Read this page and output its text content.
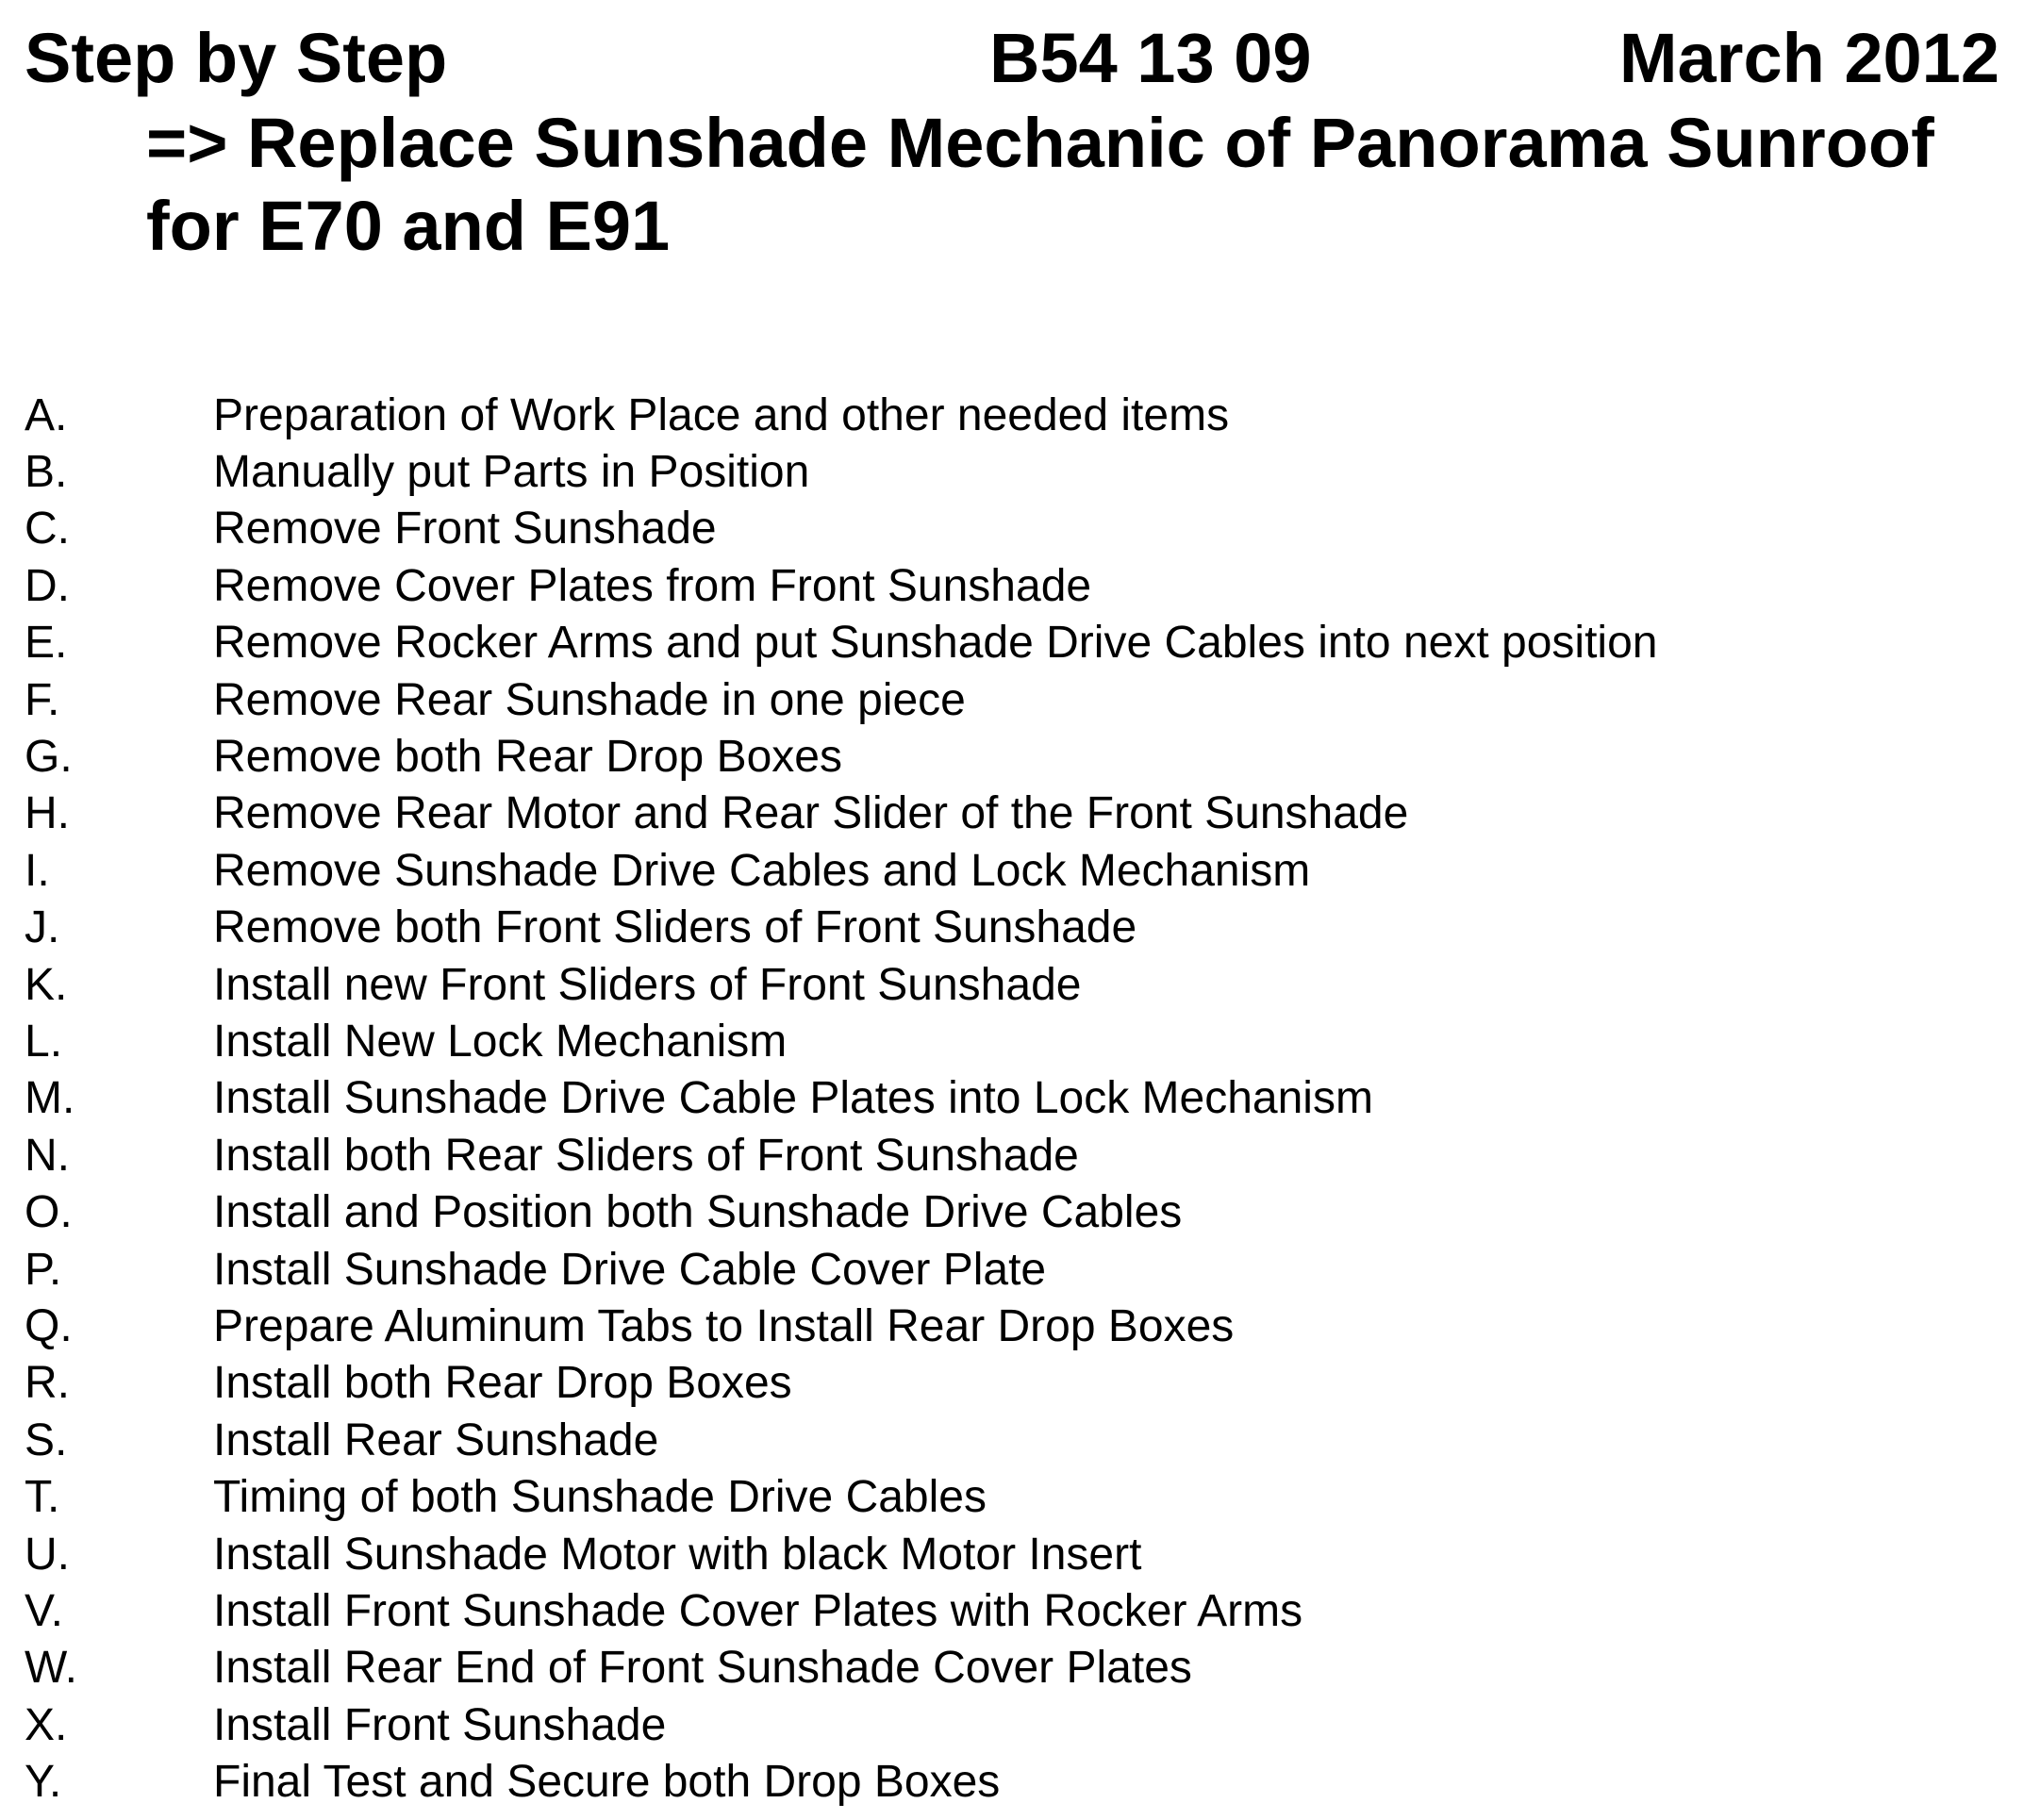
Step by Step	B54 13 09	March 2012
=> Replace Sunshade Mechanic of Panorama Sunroof
for E70 and E91
A.	Preparation of Work Place and other needed items
B.	Manually put Parts in Position
C.	Remove Front Sunshade
D.	Remove Cover Plates from Front Sunshade
E.	Remove Rocker Arms and put Sunshade Drive Cables into next position
F.	Remove Rear Sunshade in one piece
G.	Remove both Rear Drop Boxes
H.	Remove Rear Motor and Rear Slider of the Front Sunshade
I.	Remove Sunshade Drive Cables and Lock Mechanism
J.	Remove both Front Sliders of Front Sunshade
K.	Install new Front Sliders of Front Sunshade
L.	Install New Lock Mechanism
M.	Install Sunshade Drive Cable Plates into Lock Mechanism
N.	Install both Rear Sliders of Front Sunshade
O.	Install and Position both Sunshade Drive Cables
P.	Install Sunshade Drive Cable Cover Plate
Q.	Prepare Aluminum Tabs to Install Rear Drop Boxes
R.	Install both Rear Drop Boxes
S.	Install Rear Sunshade
T.	Timing of both Sunshade Drive Cables
U.	Install Sunshade Motor with black Motor Insert
V.	Install Front Sunshade Cover Plates with Rocker Arms
W.	Install Rear End of Front Sunshade Cover Plates
X.	Install Front Sunshade
Y.	Final Test and Secure both Drop Boxes
